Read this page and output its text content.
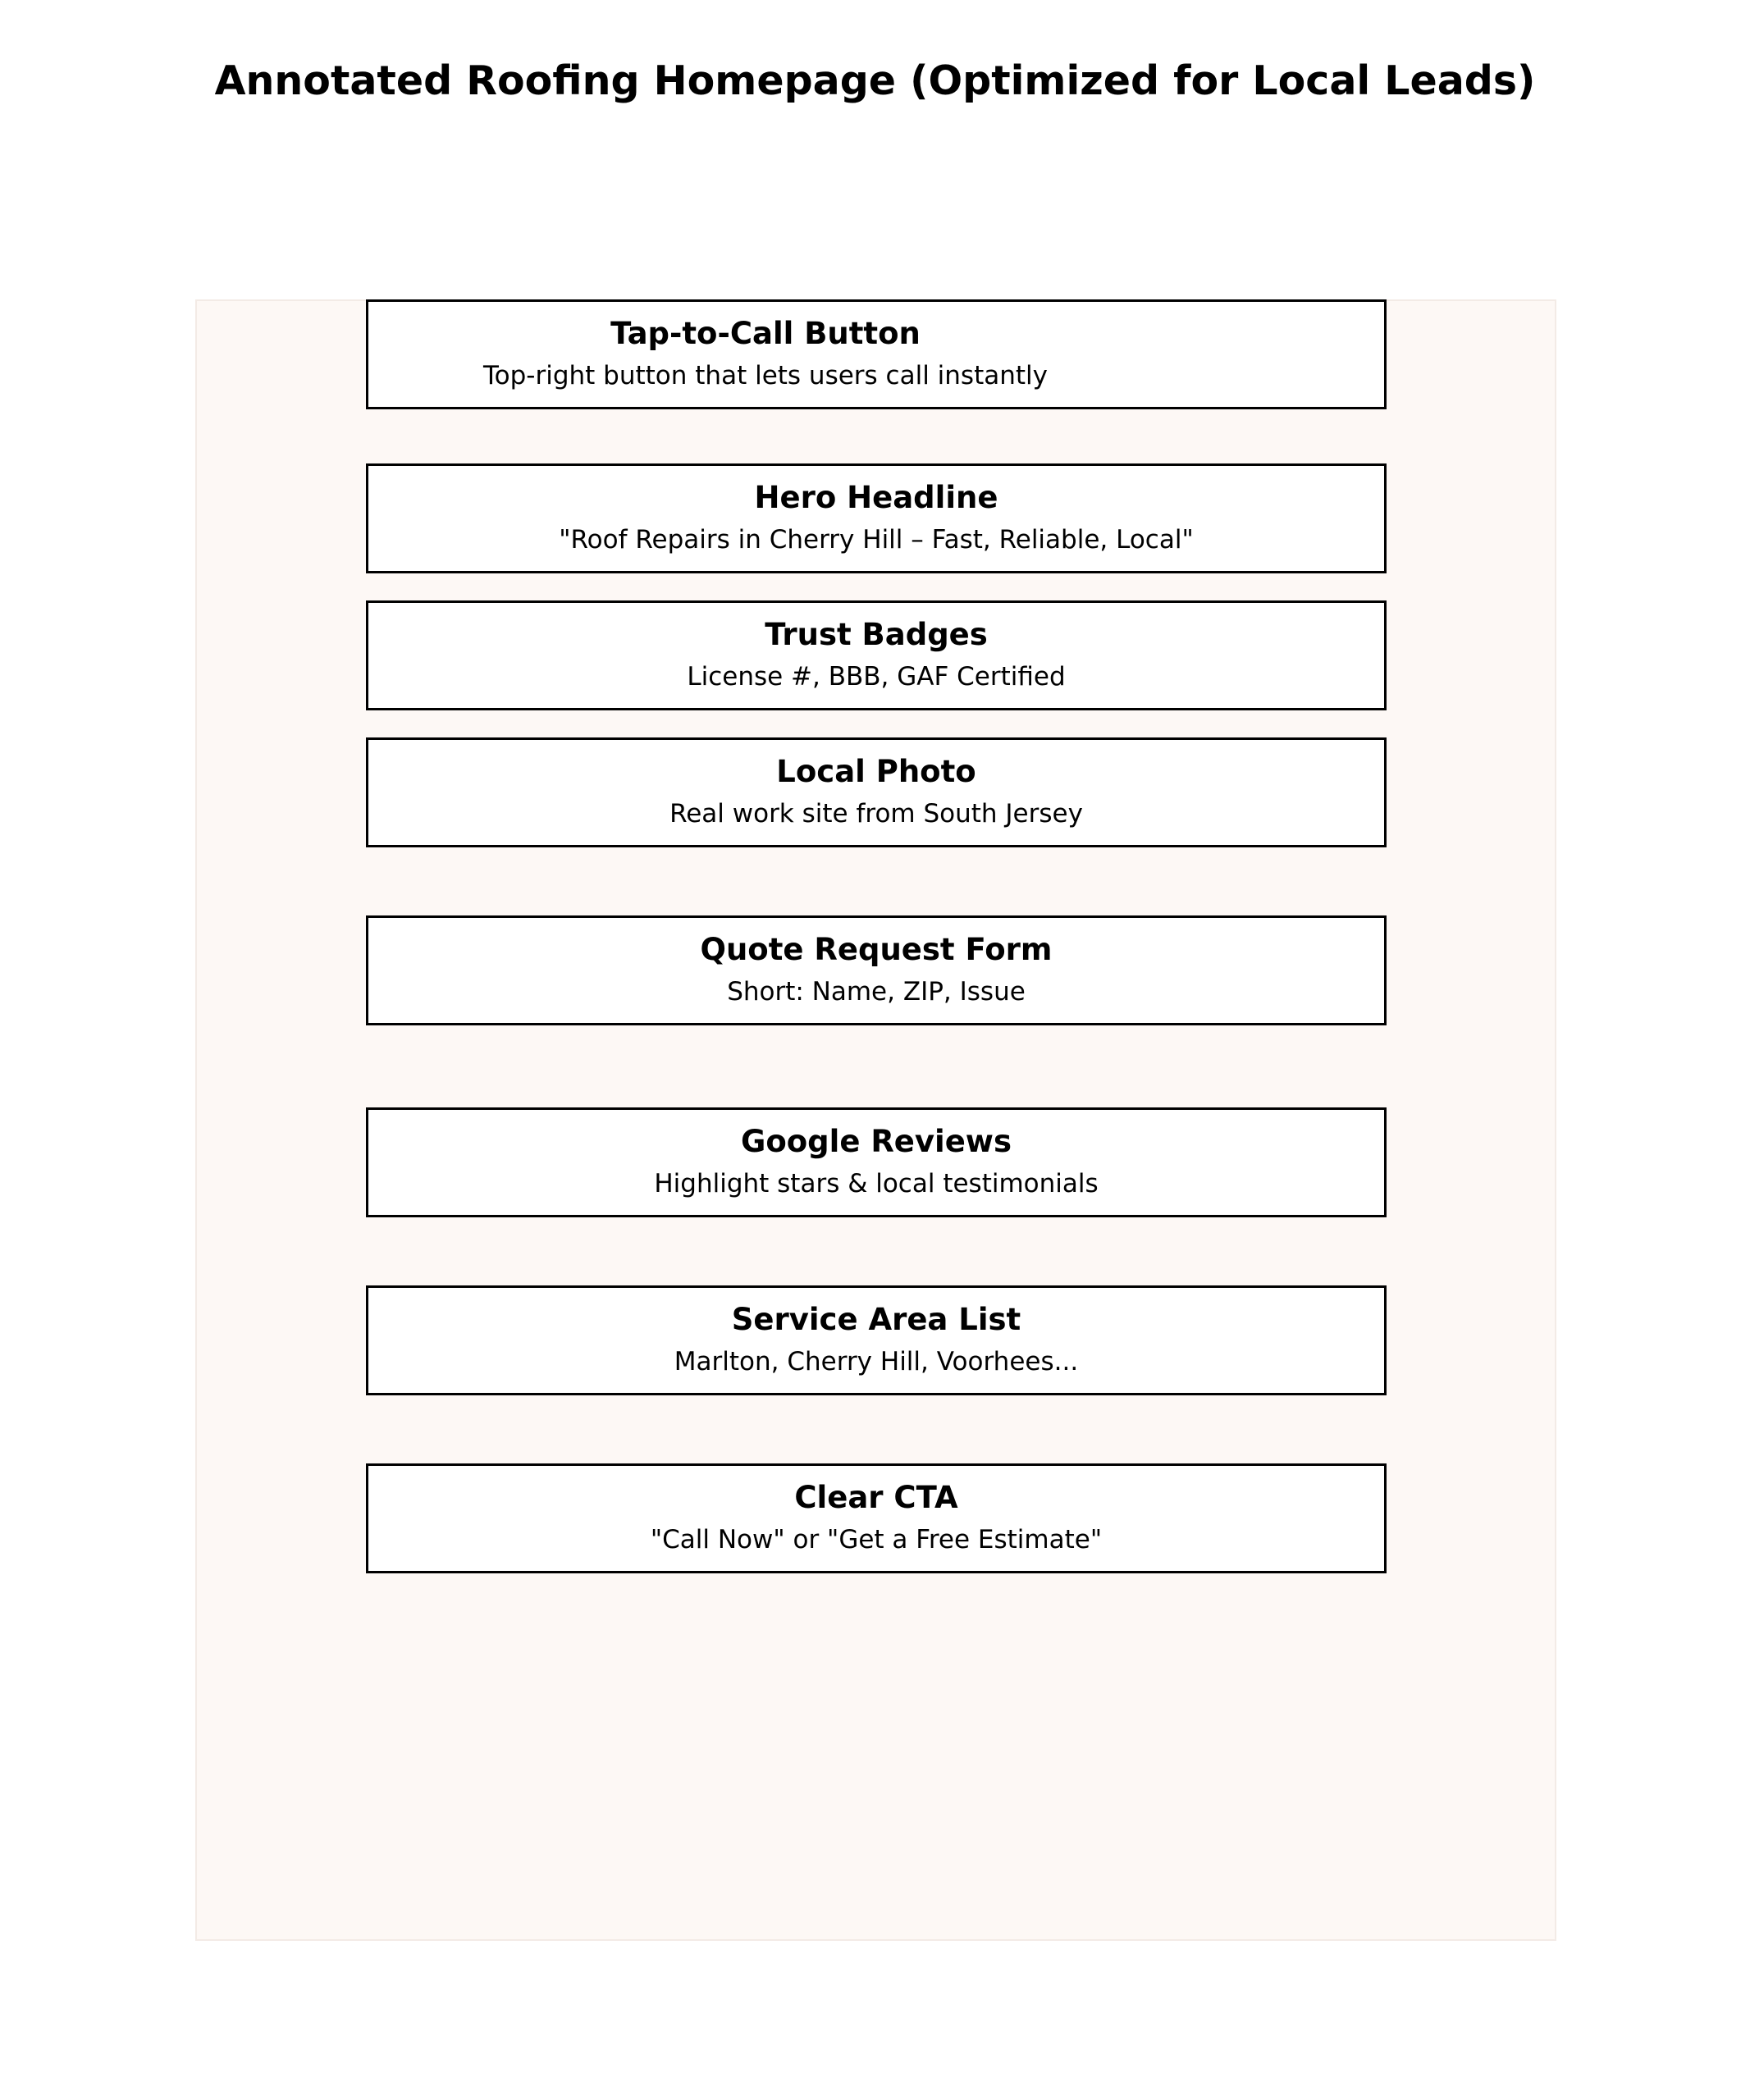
Annotated Roofing Homepage (Optimized for Local Leads)
Tap-to-Call Button
Top-right button that lets users call instantly
Hero Headline
"Roof Repairs in Cherry Hill – Fast, Reliable, Local"
Trust Badges
License #, BBB, GAF Certified
Local Photo
Real work site from South Jersey
Quote Request Form
Short: Name, ZIP, Issue
Google Reviews
Highlight stars & local testimonials
Service Area List
Marlton, Cherry Hill, Voorhees...
Clear CTA
"Call Now" or "Get a Free Estimate"
